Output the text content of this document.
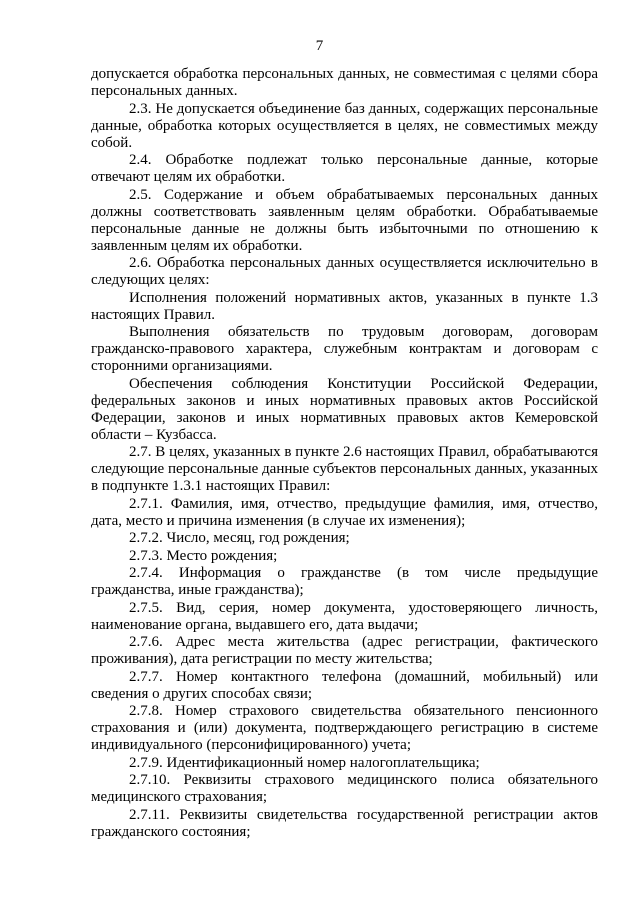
7

допускается обработка персональных данных, не совместимая с целями сбора персональных данных.

2.3. Не допускается объединение баз данных, содержащих персональные данные, обработка которых осуществляется в целях, не совместимых между собой.

2.4. Обработке подлежат только персональные данные, которые отвечают целям их обработки.

2.5. Содержание и объем обрабатываемых персональных данных должны соответствовать заявленным целям обработки. Обрабатываемые персональные данные не должны быть избыточными по отношению к заявленным целям их обработки.

2.6. Обработка персональных данных осуществляется исключительно в следующих целях:

Исполнения положений нормативных актов, указанных в пункте 1.3 настоящих Правил.

Выполнения обязательств по трудовым договорам, договорам гражданско-правового характера, служебным контрактам и договорам с сторонними организациями.

Обеспечения соблюдения Конституции Российской Федерации, федеральных законов и иных нормативных правовых актов Российской Федерации, законов и иных нормативных правовых актов Кемеровской области – Кузбасса.

2.7. В целях, указанных в пункте 2.6 настоящих Правил, обрабатываются следующие персональные данные субъектов персональных данных, указанных в подпункте 1.3.1 настоящих Правил:

2.7.1. Фамилия, имя, отчество, предыдущие фамилия, имя, отчество, дата, место и причина изменения (в случае их изменения);

2.7.2. Число, месяц, год рождения;

2.7.3. Место рождения;

2.7.4. Информация о гражданстве (в том числе предыдущие гражданства, иные гражданства);

2.7.5. Вид, серия, номер документа, удостоверяющего личность, наименование органа, выдавшего его, дата выдачи;

2.7.6. Адрес места жительства (адрес регистрации, фактического проживания), дата регистрации по месту жительства;

2.7.7. Номер контактного телефона (домашний, мобильный) или сведения о других способах связи;

2.7.8. Номер страхового свидетельства обязательного пенсионного страхования и (или) документа, подтверждающего регистрацию в системе индивидуального (персонифицированного) учета;

2.7.9. Идентификационный номер налогоплательщика;

2.7.10. Реквизиты страхового медицинского полиса обязательного медицинского страхования;

2.7.11. Реквизиты свидетельства государственной регистрации актов гражданского состояния;
